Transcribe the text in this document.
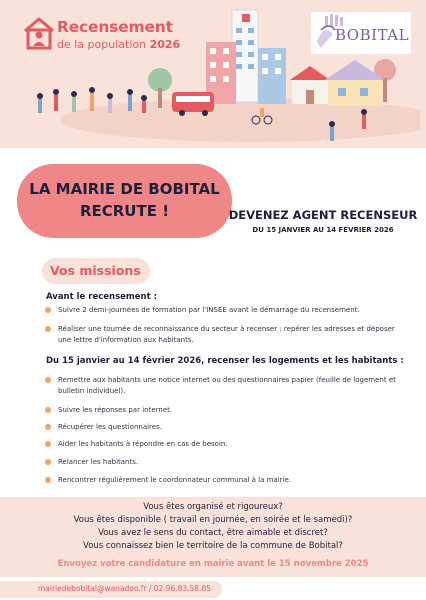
Recensement
de la population 2026
BOBITAL
LA MAIRIE DE BOBITAL
RECRUTE !	DEVENEZ AGENT RECENSEUR
DU 15 JANVIER AU 14 FÉVRIER 2026
Vos missions
Avant le recensement :
Suivre 2 demi-journées de formation par l'INSEE avant le démarrage du recensement.
Réaliser une tournée de reconnaissance du secteur à recenser : repérer les adresses et déposer une lettre d'information aux habitants.
Du 15 janvier au 14 février 2026, recenser les logements et les habitants :
Remettre aux habitants une notice internet ou des questionnaires papier (feuille de logement et bulletin individuel).
Suivre les réponses par internet.
Récupérer les questionnaires.
Aider les habitants à répondre en cas de besoin.
Relancer les habitants.
Rencontrer régulièrement le coordonnateur communal à la mairie.
Vous êtes organisé et rigoureux?
Vous êtes disponible ( travail en journée, en soirée et le samedi)?
Vous avez le sens du contact, être aimable et discret?
Vous connaissez bien le territoire de la commune de Bobital?
Envoyez votre candidature en mairie avant le 15 novembre 2025
mairiedebobital@wanadoo.fr / 02.96.83.58.85
